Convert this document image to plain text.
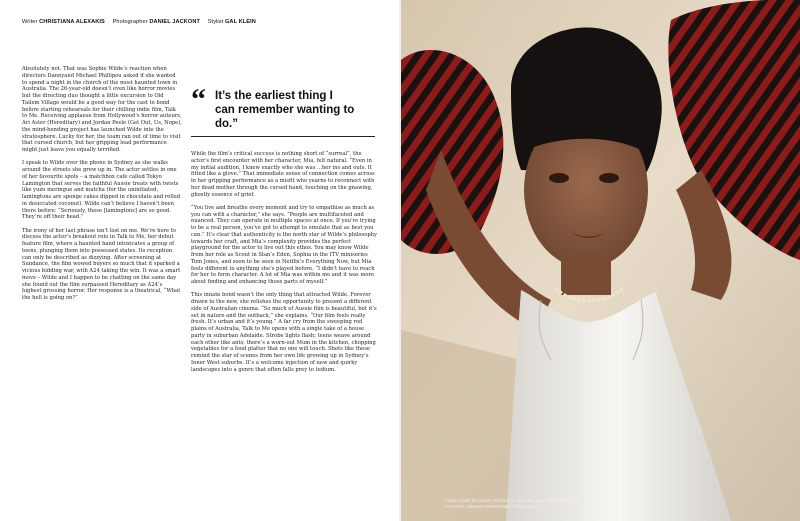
Writer CHRISTIANA ALEXAKIS Photographer DANIEL JACKONT Stylist GAL KLEIN

Absolutely not. That was Sophie Wilde’s reaction when directors Dannyand Michael Phillipou asked if she wanted to spend a night in the church of the most haunted town in Australia. The 26-year-old doesn’t even like horror movies but the directing duo thought a little excursion to Old Tailem Village would be a good way for the cast to bond before starting rehearsals for their chilling indie film, Talk to Me. Receiving applause from Hollywood’s horror auteurs, Ari Aster (Hereditary) and Jordan Peele (Get Out, Us, Nope), the mind-bending project has launched Wilde into the stratosphere. Lucky for her, the team ran out of time to visit that cursed church, but her gripping lead performance might just leave you equally terrified.

I speak to Wilde over the phone in Sydney as she walks around the streets she grew up in. The actor settles in one of her favourite spots – a matchbox cafe called Tokyo Lamington that serves the faithful Aussie treats with twists like yuzu meringue and matcha (for the uninitiated, lamingtons are sponge cakes dipped in chocolate and rolled in desiccated coconut). Wilde can’t believe I haven’t been there before: “Seriously, these [lamingtons] are so good. They’re off their head.”

The irony of her last phrase isn’t lost on me. We’re here to discuss the actor’s breakout role in Talk to Me, her debut feature film, where a haunted hand intoxicates a group of teens, plunging them into possessed states. Its reception can only be described as dizzying. After screening at Sundance, the film wowed buyers so much that it sparked a vicious bidding war, with A24 taking the win. It was a smart move – Wilde and I happen to be chatting on the same day she found out the film surpassed Hereditary as A24’s highest grossing horror. Her response is a theatrical, “What the hell is going on?”

“ It’s the earliest thing I can remember wanting to do.”

While the film’s critical success is nothing short of “surreal”, the actor’s first encounter with her character, Mia, felt natural. “Even in my initial audition, I knew exactly who she was ...her ins and outs. It fitted like a glove.” That immediate sense of connection comes across in her gripping performance as a misfit who yearns to reconnect with her dead mother through the cursed hand, touching on the gnawing, ghostly essence of grief.

“You live and breathe every moment and try to empathise as much as you can with a character,” she says. “People are multifaceted and nuanced. They can operate in multiple spaces at once. If you’re trying to be a real person, you’ve got to attempt to emulate that as best you can.” It’s clear that authenticity is the north star of Wilde’s philosophy towards her craft, and Mia’s complexity provides the perfect playground for the actor to live out this ethos. You may know Wilde from her role as Scout in Stan’s Eden, Sophia in the ITV miniseries Tom Jones, and soon to be seen in Netflix’s Everything Now, but Mia feels different to anything she’s played before. “I didn’t have to reach for her to form character. A lot of Mia was within me and it was more about finding and enhancing those parts of myself.”

This innate bond wasn’t the only thing that attracted Wilde. Forever drawn to the new, she relishes the opportunity to present a different side of Australian cinema. “So much of Aussie film is beautiful, but it’s set in nature and the outback,” she explains. “Our film feels really fresh. It’s urban and it’s young.” A far cry from the sweeping red plains of Australia, Talk to Me opens with a single take of a house party in suburban Adelaide. Strobe lights flash; teens weave around each other like ants; there’s a worn-out Mum in the kitchen, chopping vegetables for a food platter that no one will touch. Shots like these remind the star of scenes from her own life growing up in Sydney’s Inner West suburbs. It’s a welcome injection of new and quirky landscapes into a genre that often falls prey to tedium.

Cartier Clash de Cartier necklace in 18K white gold, 18K yellow gold and diamonds CARTIER. Glasses HANDSOME STOCKHOLM
